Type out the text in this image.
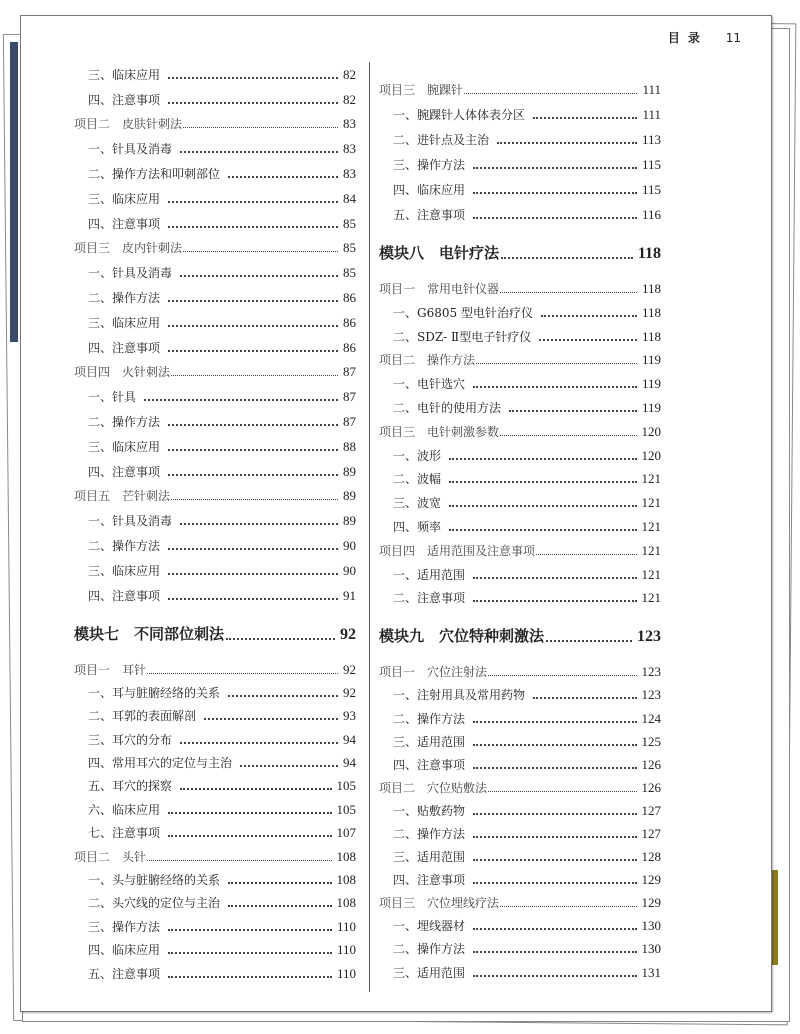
目录 11
三、临床应用	82
四、注意事项	82
项目二　皮肤针刺法	83
一、针具及消毒	83
二、操作方法和叩刺部位	83
三、临床应用	84
四、注意事项	85
项目三　皮内针刺法	85
一、针具及消毒	85
二、操作方法	86
三、临床应用	86
四、注意事项	86
项目四　火针刺法	87
一、针具	87
二、操作方法	87
三、临床应用	88
四、注意事项	89
项目五　芒针刺法	89
一、针具及消毒	89
二、操作方法	90
三、临床应用	90
四、注意事项	91
模块七　不同部位刺法	92
项目一　耳针	92
一、耳与脏腑经络的关系	92
二、耳郭的表面解剖	93
三、耳穴的分布	94
四、常用耳穴的定位与主治	94
五、耳穴的探察	105
六、临床应用	105
七、注意事项	107
项目二　头针	108
一、头与脏腑经络的关系	108
二、头穴线的定位与主治	108
三、操作方法	110
四、临床应用	110
五、注意事项	110
项目三　腕踝针	111
一、腕踝针人体体表分区	111
二、进针点及主治	113
三、操作方法	115
四、临床应用	115
五、注意事项	116
模块八　电针疗法	118
项目一　常用电针仪器	118
一、G6805 型电针治疗仪	118
二、SDZ- Ⅱ型电子针疗仪	118
项目二　操作方法	119
一、电针选穴	119
二、电针的使用方法	119
项目三　电针刺激参数	120
一、波形	120
二、波幅	121
三、波宽	121
四、频率	121
项目四　适用范围及注意事项	121
一、适用范围	121
二、注意事项	121
模块九　穴位特种刺激法	123
项目一　穴位注射法	123
一、注射用具及常用药物	123
二、操作方法	124
三、适用范围	125
四、注意事项	126
项目二　穴位贴敷法	126
一、贴敷药物	127
二、操作方法	127
三、适用范围	128
四、注意事项	129
项目三　穴位埋线疗法	129
一、埋线器材	130
二、操作方法	130
三、适用范围	131
